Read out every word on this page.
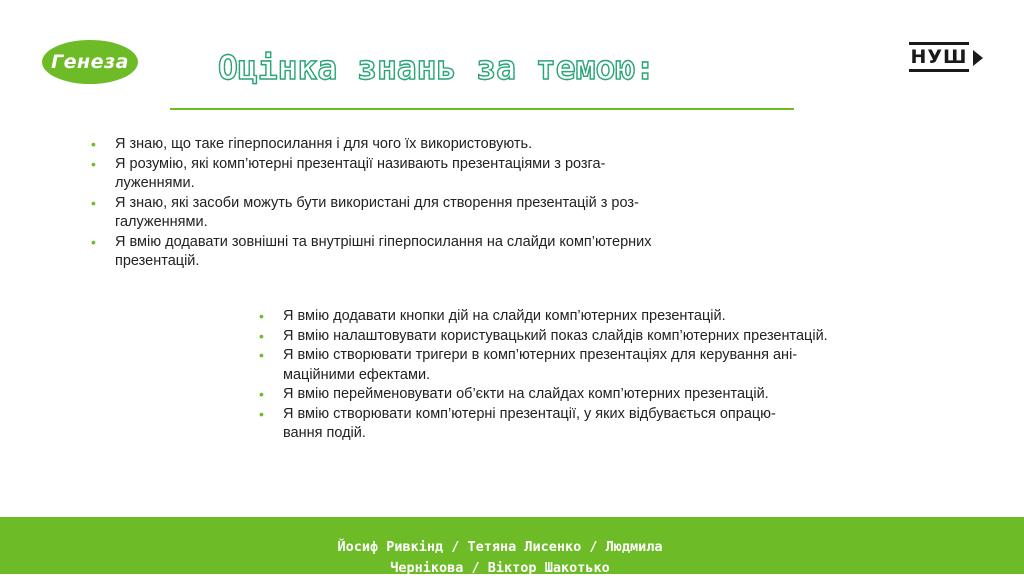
Генеза	Оцінка знань за темою:	НУШ
• Я знаю, що таке гіперпосилання і для чого їх використовують.
• Я розумію, які комп’ютерні презентації називають презентаціями з розга-
луженнями.
• Я знаю, які засоби можуть бути використані для створення презентацій з роз-
галуженнями.
• Я вмію додавати зовнішні та внутрішні гіперпосилання на слайди комп’ютерних
презентацій.
• Я вмію додавати кнопки дій на слайди комп’ютерних презентацій.
• Я вмію налаштовувати користувацький показ слайдів комп’ютерних презентацій.
• Я вмію створювати тригери в комп’ютерних презентаціях для керування ані-
маційними ефектами.
• Я вмію перейменовувати об’єкти на слайдах комп’ютерних презентацій.
• Я вмію створювати комп’ютерні презентації, у яких відбувається опрацю-
вання подій.
Йосиф Ривкінд / Тетяна Лисенко / Людмила
Чернікова / Віктор Шакотько
